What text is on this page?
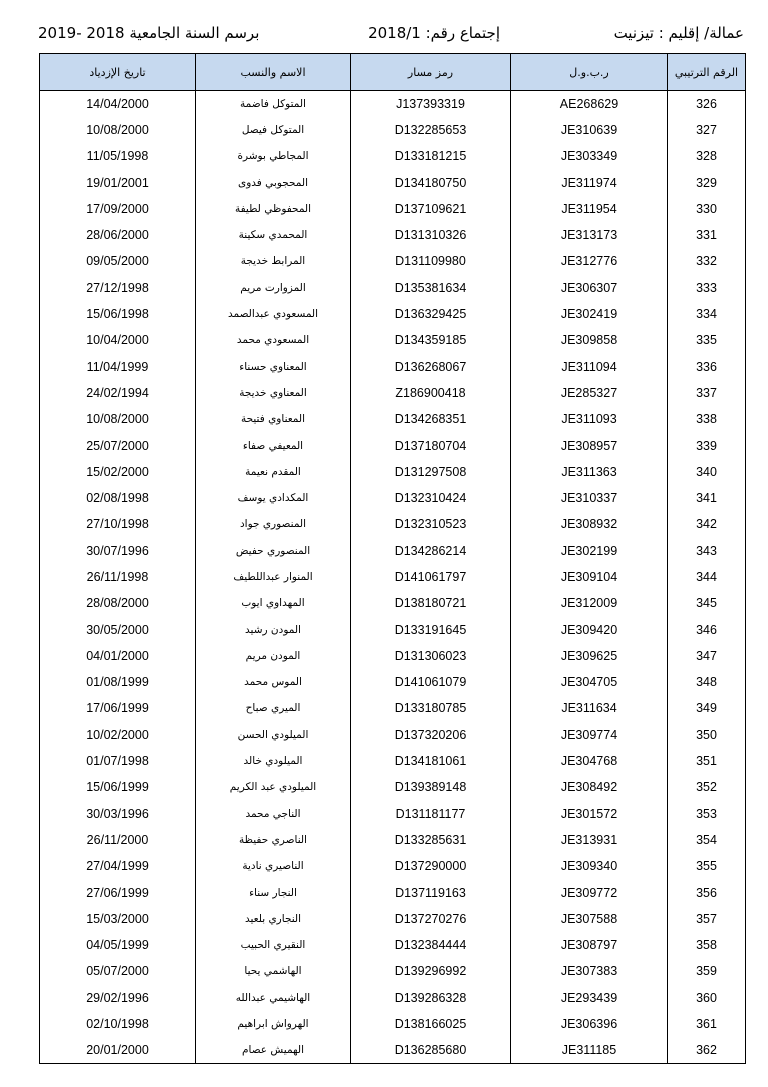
عمالة/ إقليم : تيزنيت
إجتماع رقم: 2018/1
برسم السنة الجامعية 2018 -2019
تاريخ الإزدياد	الاسم والنسب	رمز مسار	ر.ب.و.ل	الرقم الترتيبي
14/04/2000	المتوكل فاضمة	J137393319	AE268629	326
10/08/2000	المتوكل فيصل	D132285653	JE310639	327
11/05/1998	المجاطي بوشرة	D133181215	JE303349	328
19/01/2001	المحجوبي فدوى	D134180750	JE311974	329
17/09/2000	المحفوظي لطيفة	D137109621	JE311954	330
28/06/2000	المحمدي سكينة	D131310326	JE313173	331
09/05/2000	المرابط خديجة	D131109980	JE312776	332
27/12/1998	المزوارت مريم	D135381634	JE306307	333
15/06/1998	المسعودي عبدالصمد	D136329425	JE302419	334
10/04/2000	المسعودي محمد	D134359185	JE309858	335
11/04/1999	المعناوي حسناء	D136268067	JE311094	336
24/02/1994	المعناوي خديجة	Z186900418	JE285327	337
10/08/2000	المعناوي فتيحة	D134268351	JE311093	338
25/07/2000	المعيفي صفاء	D137180704	JE308957	339
15/02/2000	المقدم نعيمة	D131297508	JE311363	340
02/08/1998	المكدادي يوسف	D132310424	JE310337	341
27/10/1998	المنصوري جواد	D132310523	JE308932	342
30/07/1996	المنصوري حفيض	D134286214	JE302199	343
26/11/1998	المنوار عبداللطيف	D141061797	JE309104	344
28/08/2000	المهداوي ايوب	D138180721	JE312009	345
30/05/2000	المودن رشيد	D133191645	JE309420	346
04/01/2000	المودن مريم	D131306023	JE309625	347
01/08/1999	الموس محمد	D141061079	JE304705	348
17/06/1999	الميري صباح	D133180785	JE311634	349
10/02/2000	الميلودي الحسن	D137320206	JE309774	350
01/07/1998	الميلودي خالد	D134181061	JE304768	351
15/06/1999	الميلودي عبد الكريم	D139389148	JE308492	352
30/03/1996	الناجي محمد	D131181177	JE301572	353
26/11/2000	الناصري حفيظة	D133285631	JE313931	354
27/04/1999	الناصيري نادية	D137290000	JE309340	355
27/06/1999	النجار سناء	D137119163	JE309772	356
15/03/2000	النجاري بلعيد	D137270276	JE307588	357
04/05/1999	النقيري الحبيب	D132384444	JE308797	358
05/07/2000	الهاشمي يحيا	D139296992	JE307383	359
29/02/1996	الهاشيمي عبدالله	D139286328	JE293439	360
02/10/1998	الهرواش ابراهيم	D138166025	JE306396	361
20/01/2000	الهميش عصام	D136285680	JE311185	362
